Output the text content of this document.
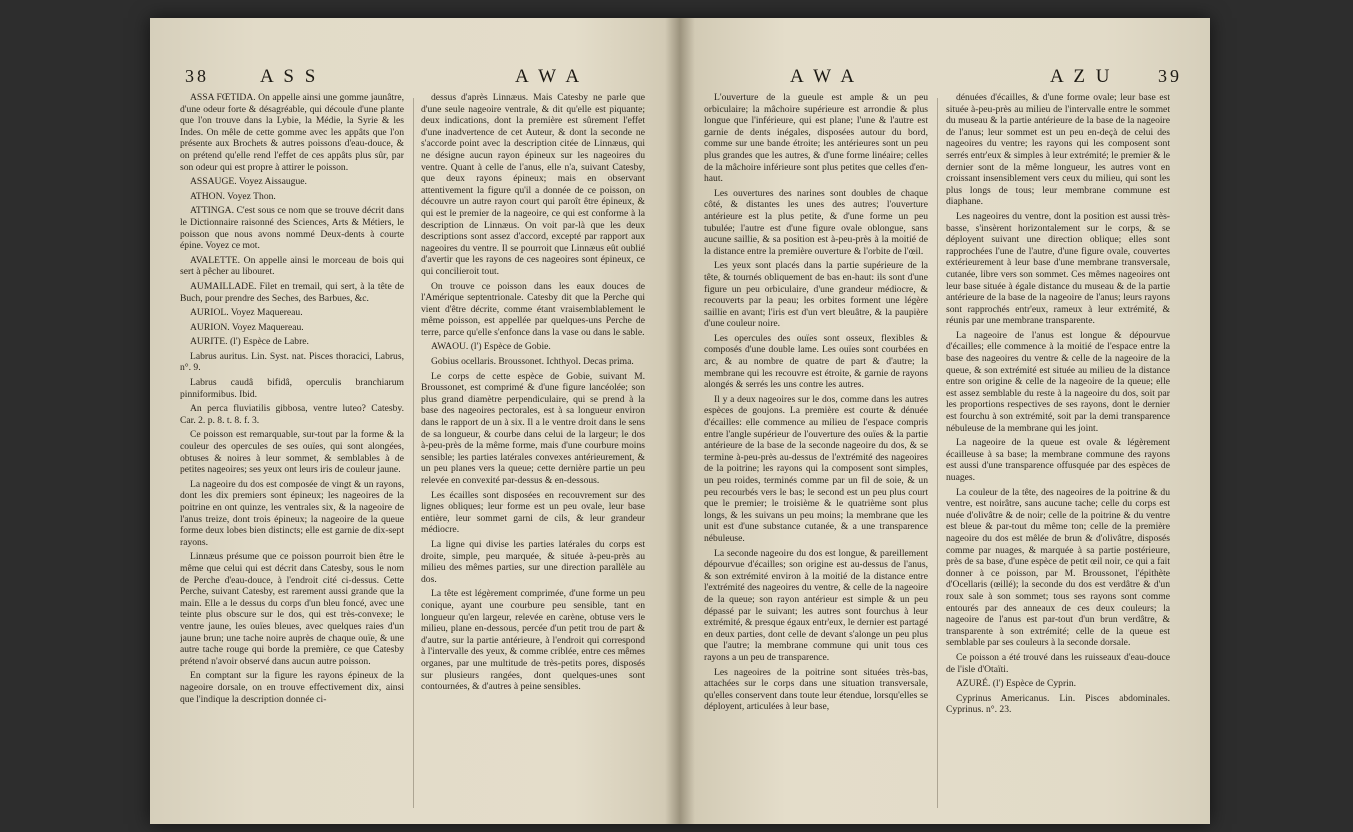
38	A S S	A W A

ASSA FŒTIDA. On appelle ainsi une gomme jaunâtre, d'une odeur forte & désagréable, qui découle d'une plante que l'on trouve dans la Lybie, la Médie, la Syrie & les Indes. On mêle de cette gomme avec les appâts que l'on présente aux Brochets & autres poissons d'eau-douce, & on prétend qu'elle rend l'effet de ces appâts plus sûr, par son odeur qui est propre à attirer le poisson.

ASSAUGE. Voyez Aissaugue.

ATHON. Voyez Thon.

ATTINGA. C'est sous ce nom que se trouve décrit dans le Dictionnaire raisonné des Sciences, Arts & Métiers, le poisson que nous avons nommé Deux-dents à courte épine. Voyez ce mot.

AVALETTE. On appelle ainsi le morceau de bois qui sert à pêcher au libouret.

AUMAILLADE. Filet en tremail, qui sert, à la tête de Buch, pour prendre des Seches, des Barbues, &c.

AURIOL. Voyez Maquereau.

AURION. Voyez Maquereau.

AURITE. (l') Espèce de Labre.

Labrus auritus. Lin. Syst. nat. Pisces thoracici, Labrus, n°. 9.

Labrus caudâ bifidâ, operculis branchiarum pinniformibus. Ibid.

An perca fluviatilis gibbosa, ventre luteo? Catesby. Car. 2. p. 8. t. 8. f. 3.

Ce poisson est remarquable, sur-tout par la forme & la couleur des opercules de ses ouïes, qui sont alongées, obtuses & noires à leur sommet, & semblables à de petites nageoires; ses yeux ont leurs iris de couleur jaune.

La nageoire du dos est composée de vingt & un rayons, dont les dix premiers sont épineux; les nageoires de la poitrine en ont quinze, les ventrales six, & la nageoire de l'anus treize, dont trois épineux; la nageoire de la queue forme deux lobes bien distincts; elle est garnie de dix-sept rayons.

Linnæus présume que ce poisson pourroit bien être le même que celui qui est décrit dans Catesby, sous le nom de Perche d'eau-douce, à l'endroit cité ci-dessus. Cette Perche, suivant Catesby, est rarement aussi grande que la main. Elle a le dessus du corps d'un bleu foncé, avec une teinte plus obscure sur le dos, qui est très-convexe; le ventre jaune, les ouïes bleues, avec quelques raies d'un jaune brun; une tache noire auprès de chaque ouïe, & une autre tache rouge qui borde la première, ce que Catesby prétend n'avoir observé dans aucun autre poisson.

En comptant sur la figure les rayons épineux de la nageoire dorsale, on en trouve effectivement dix, ainsi que l'indique la description donnée ci-

dessus d'après Linnæus. Mais Catesby ne parle que d'une seule nageoire ventrale, & dit qu'elle est piquante; deux indications, dont la première est sûrement l'effet d'une inadvertence de cet Auteur, & dont la seconde ne s'accorde point avec la description citée de Linnæus, qui ne désigne aucun rayon épineux sur les nageoires du ventre. Quant à celle de l'anus, elle n'a, suivant Catesby, que deux rayons épineux; mais en observant attentivement la figure qu'il a donnée de ce poisson, on découvre un autre rayon court qui paroît être épineux, & qui est le premier de la nageoire, ce qui est conforme à la description de Linnæus. On voit par-là que les deux descriptions sont assez d'accord, excepté par rapport aux nageoires du ventre. Il se pourroit que Linnæus eût oublié d'avertir que les rayons de ces nageoires sont épineux, ce qui concilieroit tout.

On trouve ce poisson dans les eaux douces de l'Amérique septentrionale. Catesby dit que la Perche qui vient d'être décrite, comme étant vraisemblablement le même poisson, est appellée par quelques-uns Perche de terre, parce qu'elle s'enfonce dans la vase ou dans le sable.

AWAOU. (l') Espèce de Gobie.

Gobius ocellaris. Broussonet. Ichthyol. Decas prima.

Le corps de cette espèce de Gobie, suivant M. Broussonet, est comprimé & d'une figure lancéolée; son plus grand diamètre perpendiculaire, qui se prend à la base des nageoires pectorales, est à sa longueur environ dans le rapport de un à six. Il a le ventre droit dans le sens de sa longueur, & courbe dans celui de la largeur; le dos à-peu-près de la même forme, mais d'une courbure moins sensible; les parties latérales convexes antérieurement, & un peu planes vers la queue; cette dernière partie un peu relevée en convexité par-dessus & en-dessous.

Les écailles sont disposées en recouvrement sur des lignes obliques; leur forme est un peu ovale, leur base entière, leur sommet garni de cils, & leur grandeur médiocre.

La ligne qui divise les parties latérales du corps est droite, simple, peu marquée, & située à-peu-près au milieu des mêmes parties, sur une direction parallèle au dos.

La tête est légèrement comprimée, d'une forme un peu conique, ayant une courbure peu sensible, tant en longueur qu'en largeur, relevée en carène, obtuse vers le milieu, plane en-dessous, percée d'un petit trou de part & d'autre, sur la partie antérieure, à l'endroit qui correspond à l'intervalle des yeux, & comme criblée, entre ces mêmes organes, par une multitude de très-petits pores, disposés sur plusieurs rangées, dont quelques-unes sont contournées, & d'autres à peine sensibles.

A W A	A Z U	39

L'ouverture de la gueule est ample & un peu orbiculaire; la mâchoire supérieure est arrondie & plus longue que l'inférieure, qui est plane; l'une & l'autre est garnie de dents inégales, disposées autour du bord, comme sur une bande étroite; les antérieures sont un peu plus grandes que les autres, & d'une forme linéaire; celles de la mâchoire inférieure sont plus petites que celles d'en-haut.

Les ouvertures des narines sont doubles de chaque côté, & distantes les unes des autres; l'ouverture antérieure est la plus petite, & d'une forme un peu tubulée; l'autre est d'une figure ovale oblongue, sans aucune saillie, & sa position est à-peu-près à la moitié de la distance entre la première ouverture & l'orbite de l'œil.

Les yeux sont placés dans la partie supérieure de la tête, & tournés obliquement de bas en-haut: ils sont d'une figure un peu orbiculaire, d'une grandeur médiocre, & recouverts par la peau; les orbites forment une légère saillie en avant; l'iris est d'un vert bleuâtre, & la paupière d'une couleur noire.

Les opercules des ouïes sont osseux, flexibles & composés d'une double lame. Les ouïes sont courbées en arc, & au nombre de quatre de part & d'autre; la membrane qui les recouvre est étroite, & garnie de rayons alongés & serrés les uns contre les autres.

Il y a deux nageoires sur le dos, comme dans les autres espèces de goujons. La première est courte & dénuée d'écailles: elle commence au milieu de l'espace compris entre l'angle supérieur de l'ouverture des ouïes & la partie antérieure de la base de la seconde nageoire du dos, & se termine à-peu-près au-dessus de l'extrémité des nageoires de la poitrine; les rayons qui la composent sont simples, un peu roides, terminés comme par un fil de soie, & un peu recourbés vers le bas; le second est un peu plus court que le premier; le troisième & le quatrième sont plus longs, & les suivans un peu moins; la membrane que les unit est d'une substance cutanée, & a une transparence nébuleuse.

La seconde nageoire du dos est longue, & pareillement dépourvue d'écailles; son origine est au-dessus de l'anus, & son extrémité environ à la moitié de la distance entre l'extrémité des nageoires du ventre, & celle de la nageoire de la queue; son rayon antérieur est simple & un peu dépassé par le suivant; les autres sont fourchus à leur extrémité, & presque égaux entr'eux, le dernier est partagé en deux parties, dont celle de devant s'alonge un peu plus que l'autre; la membrane commune qui unit tous ces rayons a un peu de transparence.

Les nageoires de la poitrine sont situées très-bas, attachées sur le corps dans une situation transversale, qu'elles conservent dans toute leur étendue, lorsqu'elles se déployent, articulées à leur base,

dénuées d'écailles, & d'une forme ovale; leur base est située à-peu-près au milieu de l'intervalle entre le sommet du museau & la partie antérieure de la base de la nageoire de l'anus; leur sommet est un peu en-deçà de celui des nageoires du ventre; les rayons qui les composent sont serrés entr'eux & simples à leur extrémité; le premier & le dernier sont de la même longueur, les autres vont en croissant insensiblement vers ceux du milieu, qui sont les plus longs de tous; leur membrane commune est diaphane.

Les nageoires du ventre, dont la position est aussi très-basse, s'insèrent horizontalement sur le corps, & se déployent suivant une direction oblique; elles sont rapprochées l'une de l'autre, d'une figure ovale, couvertes extérieurement à leur base d'une membrane transversale, cutanée, libre vers son sommet. Ces mêmes nageoires ont leur base située à égale distance du museau & de la partie antérieure de la base de la nageoire de l'anus; leurs rayons sont rapprochés entr'eux, rameux à leur extrémité, & réunis par une membrane transparente.

La nageoire de l'anus est longue & dépourvue d'écailles; elle commence à la moitié de l'espace entre la base des nageoires du ventre & celle de la nageoire de la queue, & son extrémité est située au milieu de la distance entre son origine & celle de la nageoire de la queue; elle est assez semblable du reste à la nageoire du dos, soit par les proportions respectives de ses rayons, dont le dernier est fourchu à son extrémité, soit par la demi transparence nébuleuse de la membrane qui les joint.

La nageoire de la queue est ovale & légèrement écailleuse à sa base; la membrane commune des rayons est aussi d'une transparence offusquée par des espèces de nuages.

La couleur de la tête, des nageoires de la poitrine & du ventre, est noirâtre, sans aucune tache; celle du corps est nuée d'olivâtre & de noir; celle de la poitrine & du ventre est bleue & par-tout du même ton; celle de la première nageoire du dos est mêlée de brun & d'olivâtre, disposés comme par nuages, & marquée à sa partie postérieure, près de sa base, d'une espèce de petit œil noir, ce qui a fait donner à ce poisson, par M. Broussonet, l'épithète d'Ocellaris (œillé); la seconde du dos est verdâtre & d'un roux sale à son sommet; tous ses rayons sont comme entourés par des anneaux de ces deux couleurs; la nageoire de l'anus est par-tout d'un brun verdâtre, & transparente à son extrémité; celle de la queue est semblable par ses couleurs à la seconde dorsale.

Ce poisson a été trouvé dans les ruisseaux d'eau-douce de l'isle d'Otaïti.

AZURÉ. (l') Espèce de Cyprin.

Cyprinus Americanus. Lin. Pisces abdominales. Cyprinus. n°. 23.
